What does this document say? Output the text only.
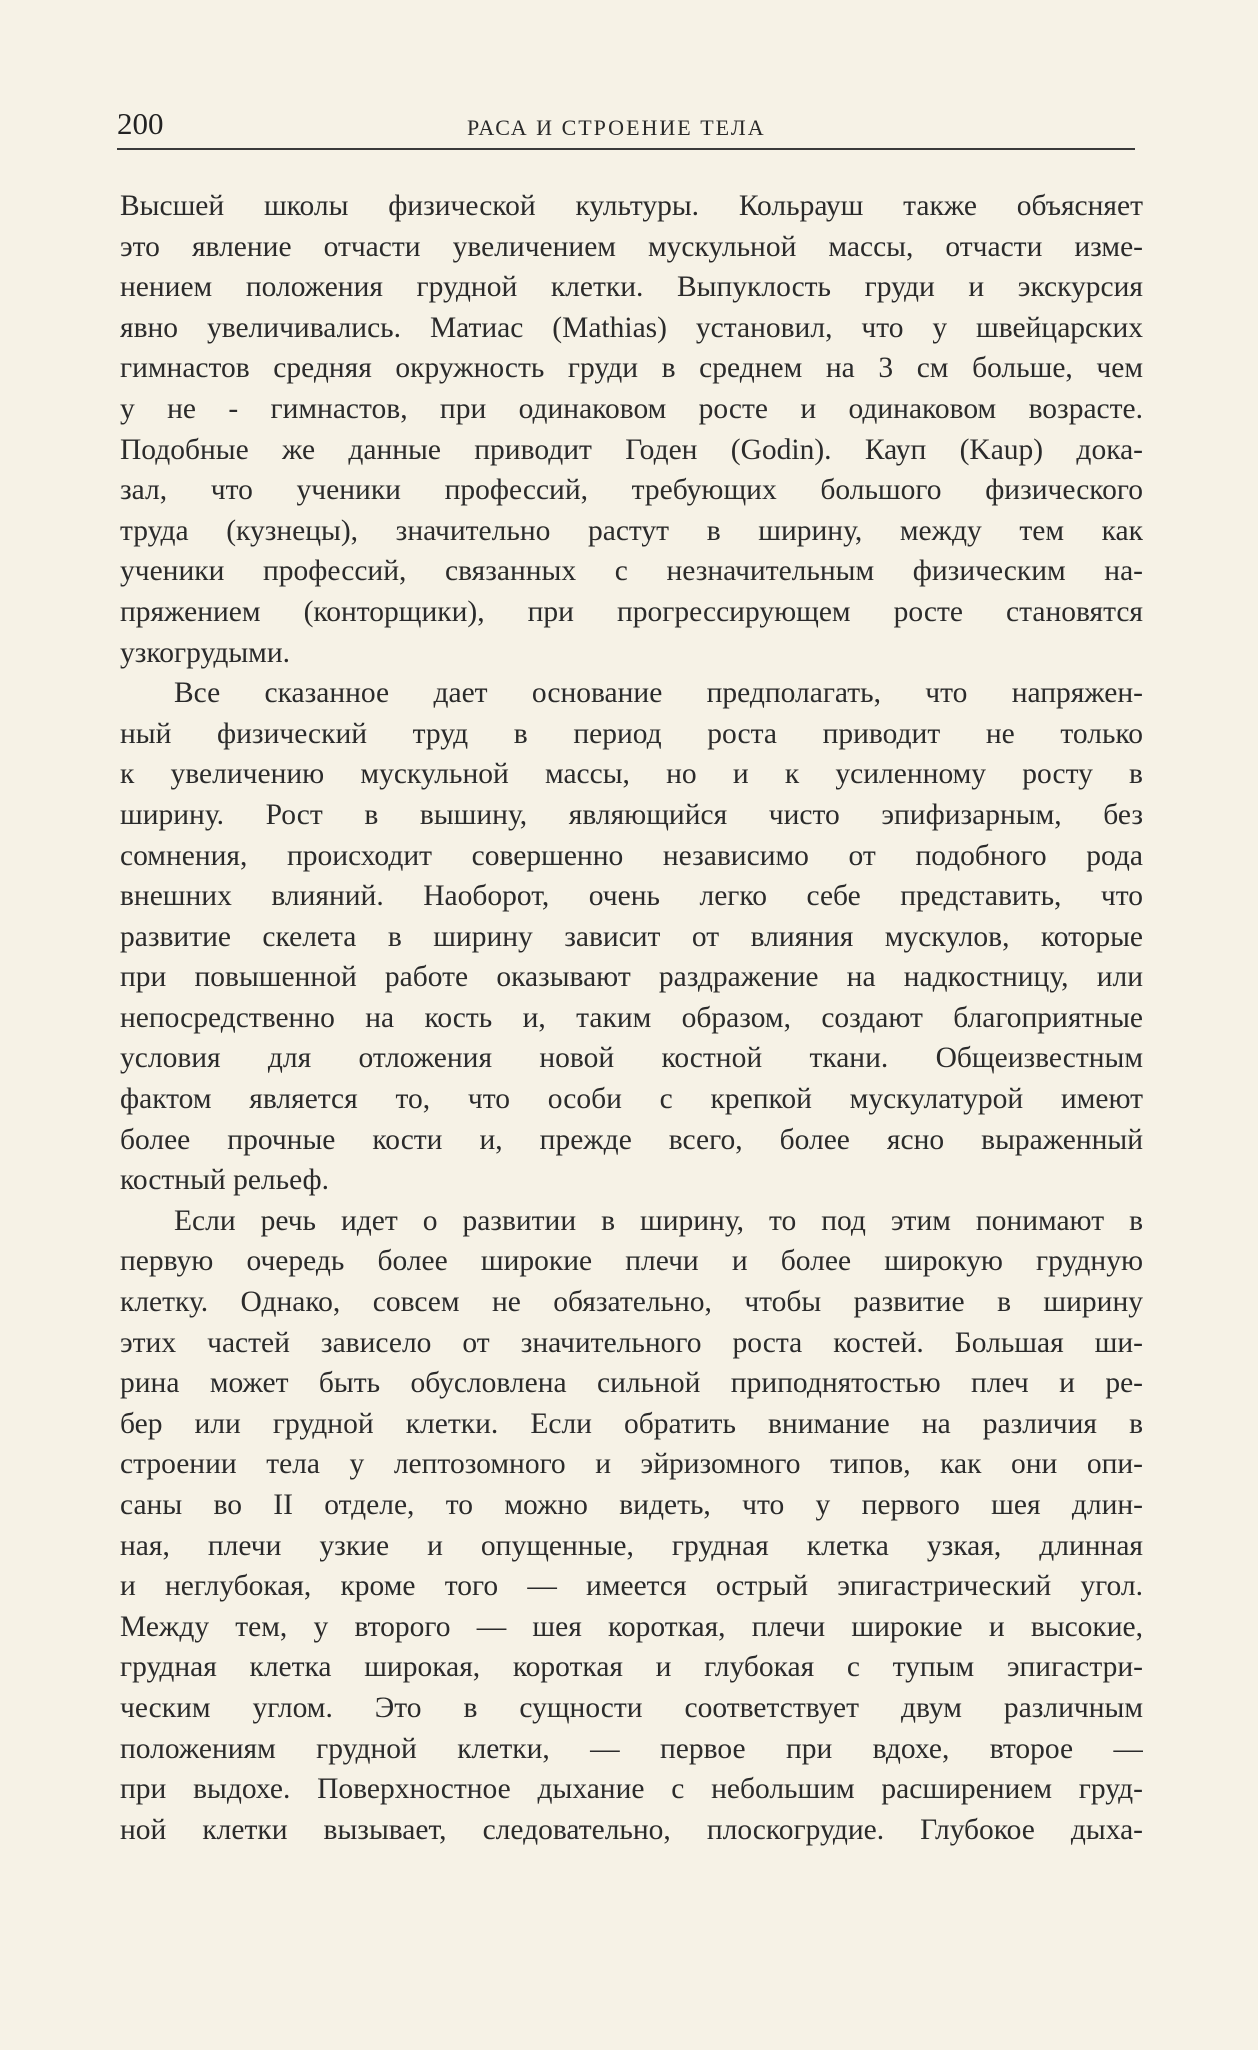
200	РАСА И СТРОЕНИЕ ТЕЛА
Высшей школы физической культуры. Кольрауш также объясняет
это явление отчасти увеличением мускульной массы, отчасти изме-
нением положения грудной клетки. Выпуклость груди и экскурсия
явно увеличивались. Матиас (Mathias) установил, что у швейцарских
гимнастов средняя окружность груди в среднем на 3 см больше, чем
у не - гимнастов, при одинаковом росте и одинаковом возрасте.
Подобные же данные приводит Годен (Godin). Кауп (Kaup) дока-
зал, что ученики профессий, требующих большого физического
труда (кузнецы), значительно растут в ширину, между тем как
ученики профессий, связанных с незначительным физическим на-
пряжением (конторщики), при прогрессирующем росте становятся
узкогрудыми.
Все сказанное дает основание предполагать, что напряжен-
ный физический труд в период роста приводит не только
к увеличению мускульной массы, но и к усиленному росту в
ширину. Рост в вышину, являющийся чисто эпифизарным, без
сомнения, происходит совершенно независимо от подобного рода
внешних влияний. Наоборот, очень легко себе представить, что
развитие скелета в ширину зависит от влияния мускулов, которые
при повышенной работе оказывают раздражение на надкостницу, или
непосредственно на кость и, таким образом, создают благоприятные
условия для отложения новой костной ткани. Общеизвестным
фактом является то, что особи с крепкой мускулатурой имеют
более прочные кости и, прежде всего, более ясно выраженный
костный рельеф.
Если речь идет о развитии в ширину, то под этим понимают в
первую очередь более широкие плечи и более широкую грудную
клетку. Однако, совсем не обязательно, чтобы развитие в ширину
этих частей зависело от значительного роста костей. Большая ши-
рина может быть обусловлена сильной приподнятостью плеч и ре-
бер или грудной клетки. Если обратить внимание на различия в
строении тела у лептозомного и эйризомного типов, как они опи-
саны во II отделе, то можно видеть, что у первого шея длин-
ная, плечи узкие и опущенные, грудная клетка узкая, длинная
и неглубокая, кроме того — имеется острый эпигастрический угол.
Между тем, у второго — шея короткая, плечи широкие и высокие,
грудная клетка широкая, короткая и глубокая с тупым эпигастри-
ческим углом. Это в сущности соответствует двум различным
положениям грудной клетки, — первое при вдохе, второе —
при выдохе. Поверхностное дыхание с небольшим расширением груд-
ной клетки вызывает, следовательно, плоскогрудие. Глубокое дыха-
